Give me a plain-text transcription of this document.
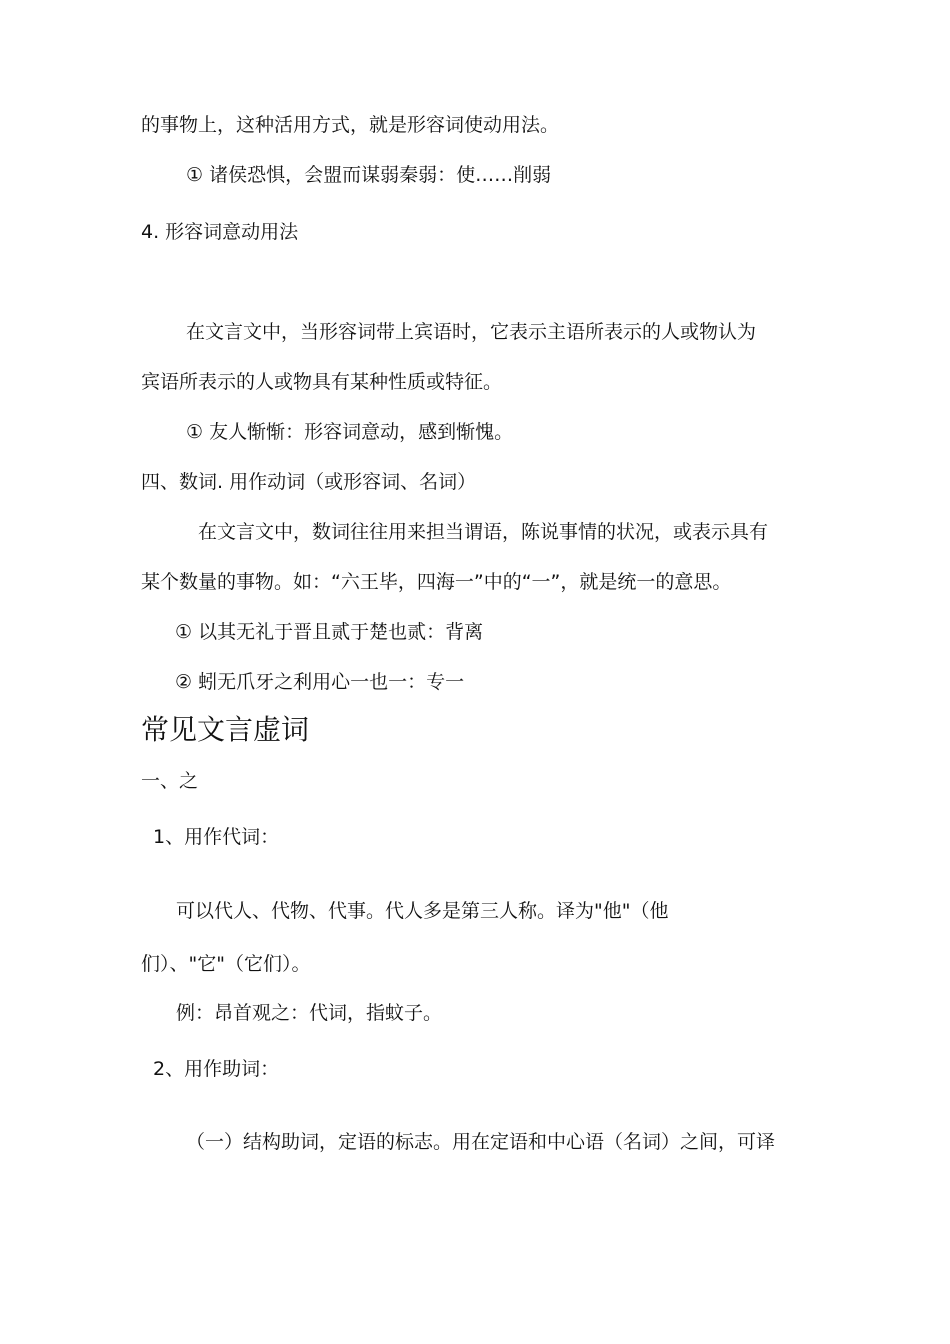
的事物上，这种活用方式，就是形容词使动用法。
① 诸侯恐惧，会盟而谋弱秦弱：使……削弱
4. 形容词意动用法
在文言文中，当形容词带上宾语时，它表示主语所表示的人或物认为
宾语所表示的人或物具有某种性质或特征。
① 友人惭惭：形容词意动，感到惭愧。
四、数词. 用作动词（或形容词、名词）
在文言文中，数词往往用来担当谓语，陈说事情的状况，或表示具有
某个数量的事物。如：“六王毕，四海一”中的“一”，就是统一的意思。
① 以其无礼于晋且贰于楚也贰：背离
② 蚓无爪牙之利用心一也一：专一
常见文言虚词
一、之
1、用作代词：
可以代人、代物、代事。代人多是第三人称。译为"他"（他
们）、"它"（它们）。
例：昂首观之：代词，指蚊子。
2、用作助词：
（一）结构助词，定语的标志。用在定语和中心语（名词）之间，可译
